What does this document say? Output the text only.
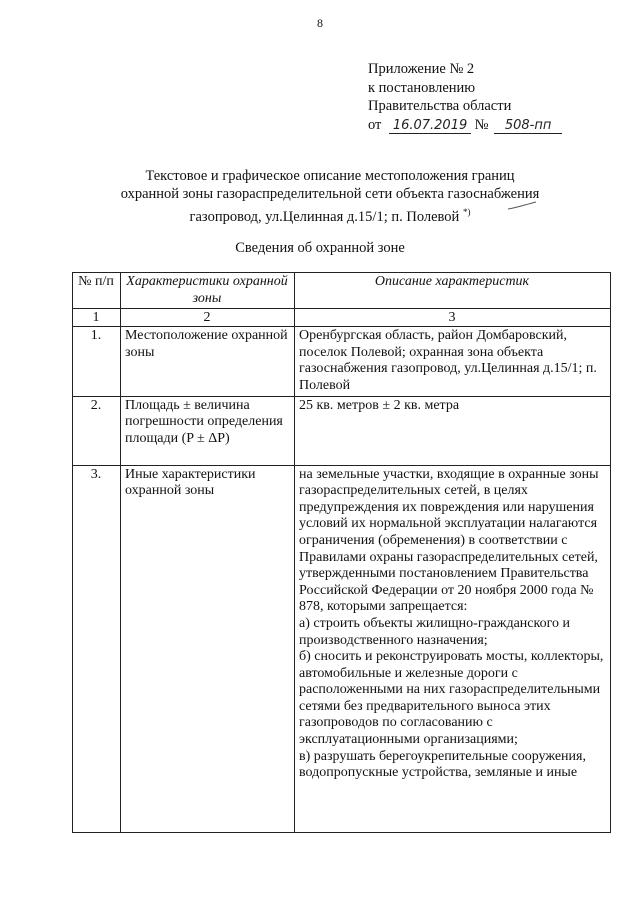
8
Приложение № 2
к постановлению
Правительства области
от 16.07.2019 № 508-пп
Текстовое и графическое описание местоположения границ
охранной зоны газораспределительной сети объекта газоснабжения
газопровод, ул.Целинная д.15/1; п. Полевой *)
Сведения об охранной зоне
№ п/п	Характеристики охранной зоны	Описание характеристик
1	2	3
1.	Местоположение охранной зоны	Оренбургская область, район Домбаровский, поселок Полевой; охранная зона объекта газоснабжения газопровод, ул.Целинная д.15/1; п. Полевой
2.	Площадь ± величина погрешности определения площади (P ± ΔP)	25 кв. метров ± 2 кв. метра
3.	Иные характеристики охранной зоны	на земельные участки, входящие в охранные зоны газораспределительных сетей, в целях предупреждения их повреждения или нарушения условий их нормальной эксплуатации налагаются ограничения (обременения) в соответствии с Правилами охраны газораспределительных сетей, утвержденными постановлением Правительства Российской Федерации от 20 ноября 2000 года № 878, которыми запрещается:
а) строить объекты жилищно-гражданского и производственного назначения;
б) сносить и реконструировать мосты, коллекторы, автомобильные и железные дороги с расположенными на них газораспределительными сетями без предварительного выноса этих газопроводов по согласованию с эксплуатационными организациями;
в) разрушать берегоукрепительные сооружения, водопропускные устройства, земляные и иные
